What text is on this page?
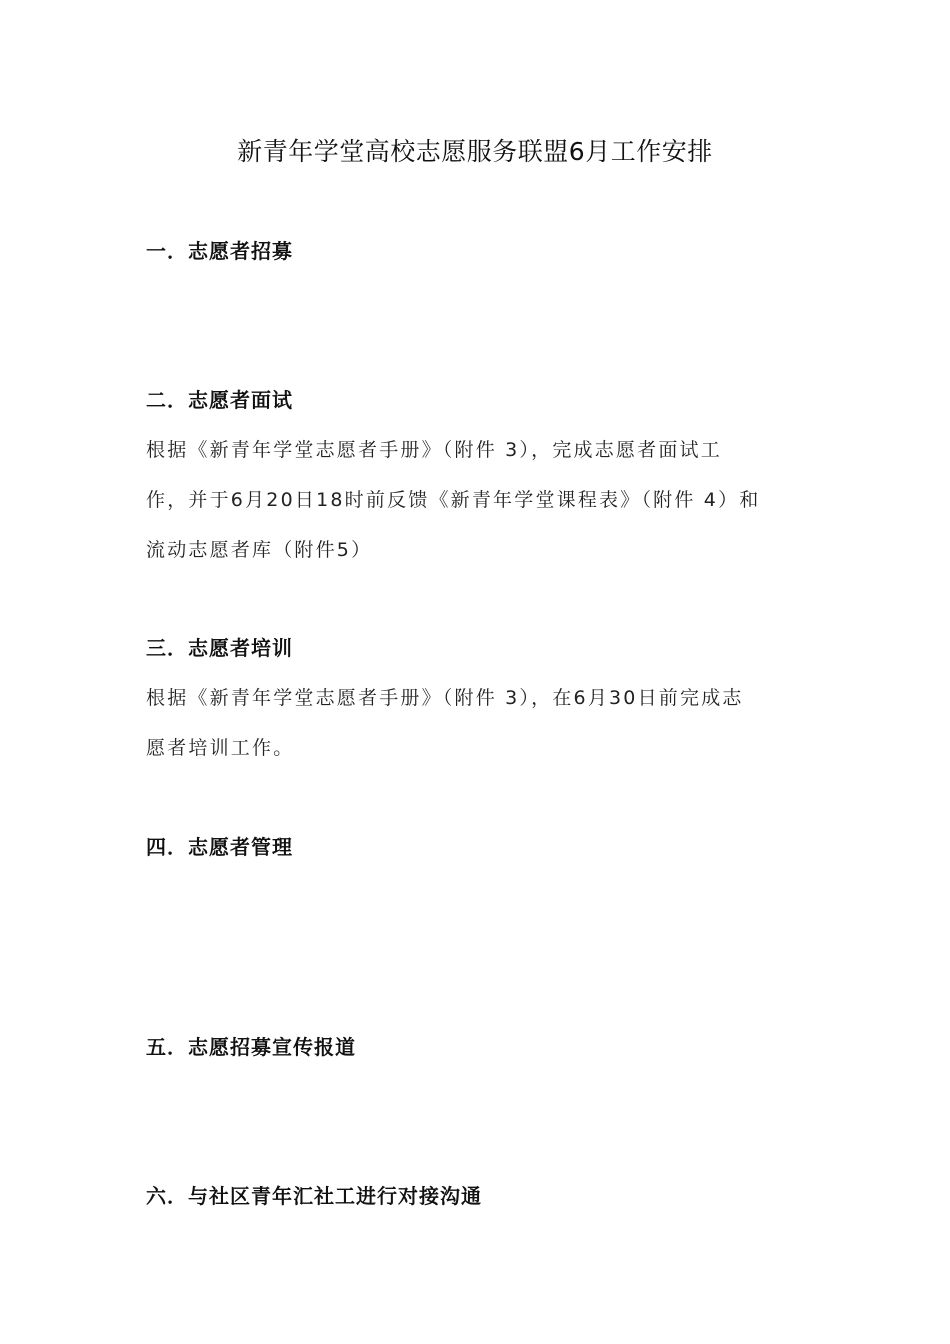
新青年学堂高校志愿服务联盟6月工作安排
一．志愿者招募
二．志愿者面试
根据《新青年学堂志愿者手册》（附件 3），完成志愿者面试工
作，并于6月20日18时前反馈《新青年学堂课程表》（附件 4）和
流动志愿者库（附件5）
三．志愿者培训
根据《新青年学堂志愿者手册》（附件 3），在6月30日前完成志
愿者培训工作。
四．志愿者管理
五．志愿招募宣传报道
六．与社区青年汇社工进行对接沟通
